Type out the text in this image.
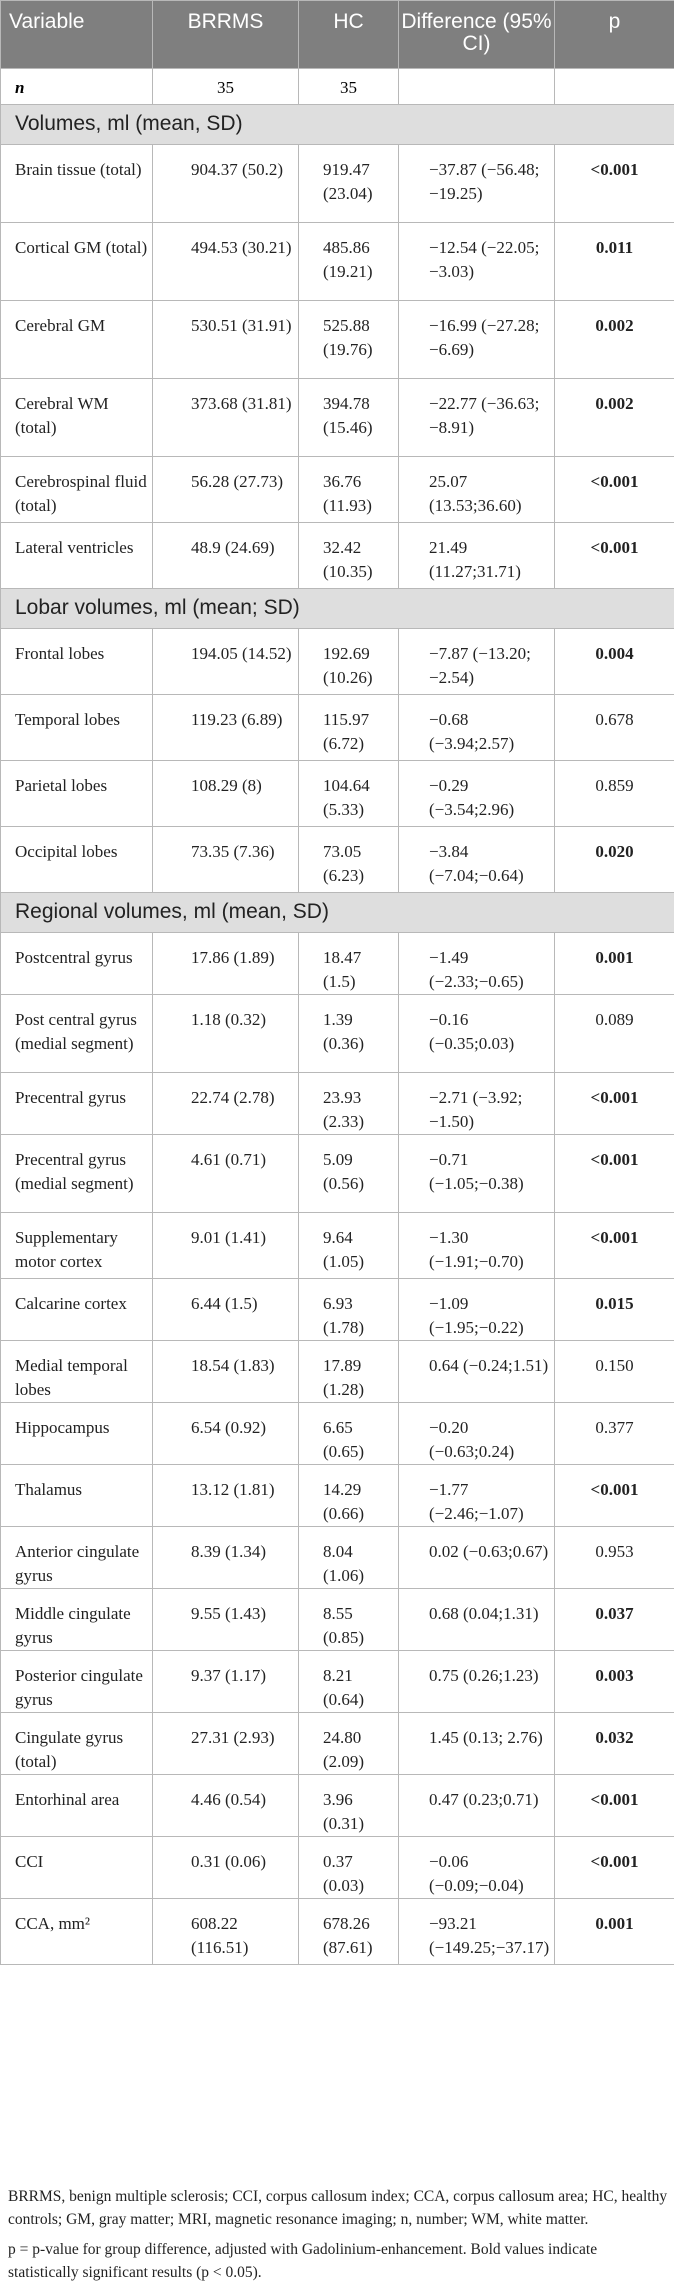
Variable	BRRMS	HC	Difference (95% CI)	p
n	35	35		
Volumes, ml (mean, SD)				
Brain tissue (total)	904.37 (50.2)	919.47 (23.04)	−37.87 (−56.48; −19.25)	<0.001
Cortical GM (total)	494.53 (30.21)	485.86 (19.21)	−12.54 (−22.05; −3.03)	0.011
Cerebral GM	530.51 (31.91)	525.88 (19.76)	−16.99 (−27.28; −6.69)	0.002
Cerebral WM (total)	373.68 (31.81)	394.78 (15.46)	−22.77 (−36.63; −8.91)	0.002
Cerebrospinal fluid (total)	56.28 (27.73)	36.76 (11.93)	25.07 (13.53;36.60)	<0.001
Lateral ventricles	48.9 (24.69)	32.42 (10.35)	21.49 (11.27;31.71)	<0.001
Lobar volumes, ml (mean; SD)				
Frontal lobes	194.05 (14.52)	192.69 (10.26)	−7.87 (−13.20; −2.54)	0.004
Temporal lobes	119.23 (6.89)	115.97 (6.72)	−0.68 (−3.94;2.57)	0.678
Parietal lobes	108.29 (8)	104.64 (5.33)	−0.29 (−3.54;2.96)	0.859
Occipital lobes	73.35 (7.36)	73.05 (6.23)	−3.84 (−7.04;−0.64)	0.020
Regional volumes, ml (mean, SD)				
Postcentral gyrus	17.86 (1.89)	18.47 (1.5)	−1.49 (−2.33;−0.65)	0.001
Post central gyrus (medial segment)	1.18 (0.32)	1.39 (0.36)	−0.16 (−0.35;0.03)	0.089
Precentral gyrus	22.74 (2.78)	23.93 (2.33)	−2.71 (−3.92; −1.50)	<0.001
Precentral gyrus (medial segment)	4.61 (0.71)	5.09 (0.56)	−0.71 (−1.05;−0.38)	<0.001
Supplementary motor cortex	9.01 (1.41)	9.64 (1.05)	−1.30 (−1.91;−0.70)	<0.001
Calcarine cortex	6.44 (1.5)	6.93 (1.78)	−1.09 (−1.95;−0.22)	0.015
Medial temporal lobes	18.54 (1.83)	17.89 (1.28)	0.64 (−0.24;1.51)	0.150
Hippocampus	6.54 (0.92)	6.65 (0.65)	−0.20 (−0.63;0.24)	0.377
Thalamus	13.12 (1.81)	14.29 (0.66)	−1.77 (−2.46;−1.07)	<0.001
Anterior cingulate gyrus	8.39 (1.34)	8.04 (1.06)	0.02 (−0.63;0.67)	0.953
Middle cingulate gyrus	9.55 (1.43)	8.55 (0.85)	0.68 (0.04;1.31)	0.037
Posterior cingulate gyrus	9.37 (1.17)	8.21 (0.64)	0.75 (0.26;1.23)	0.003
Cingulate gyrus (total)	27.31 (2.93)	24.80 (2.09)	1.45 (0.13; 2.76)	0.032
Entorhinal area	4.46 (0.54)	3.96 (0.31)	0.47 (0.23;0.71)	<0.001
CCI	0.31 (0.06)	0.37 (0.03)	−0.06 (−0.09;−0.04)	<0.001
CCA, mm²	608.22 (116.51)	678.26 (87.61)	−93.21 (−149.25;−37.17)	0.001

BRRMS, benign multiple sclerosis; CCI, corpus callosum index; CCA, corpus callosum area; HC, healthy controls; GM, gray matter; MRI, magnetic resonance imaging; n, number; WM, white matter.

p = p-value for group difference, adjusted with Gadolinium-enhancement. Bold values indicate statistically significant results (p < 0.05).
